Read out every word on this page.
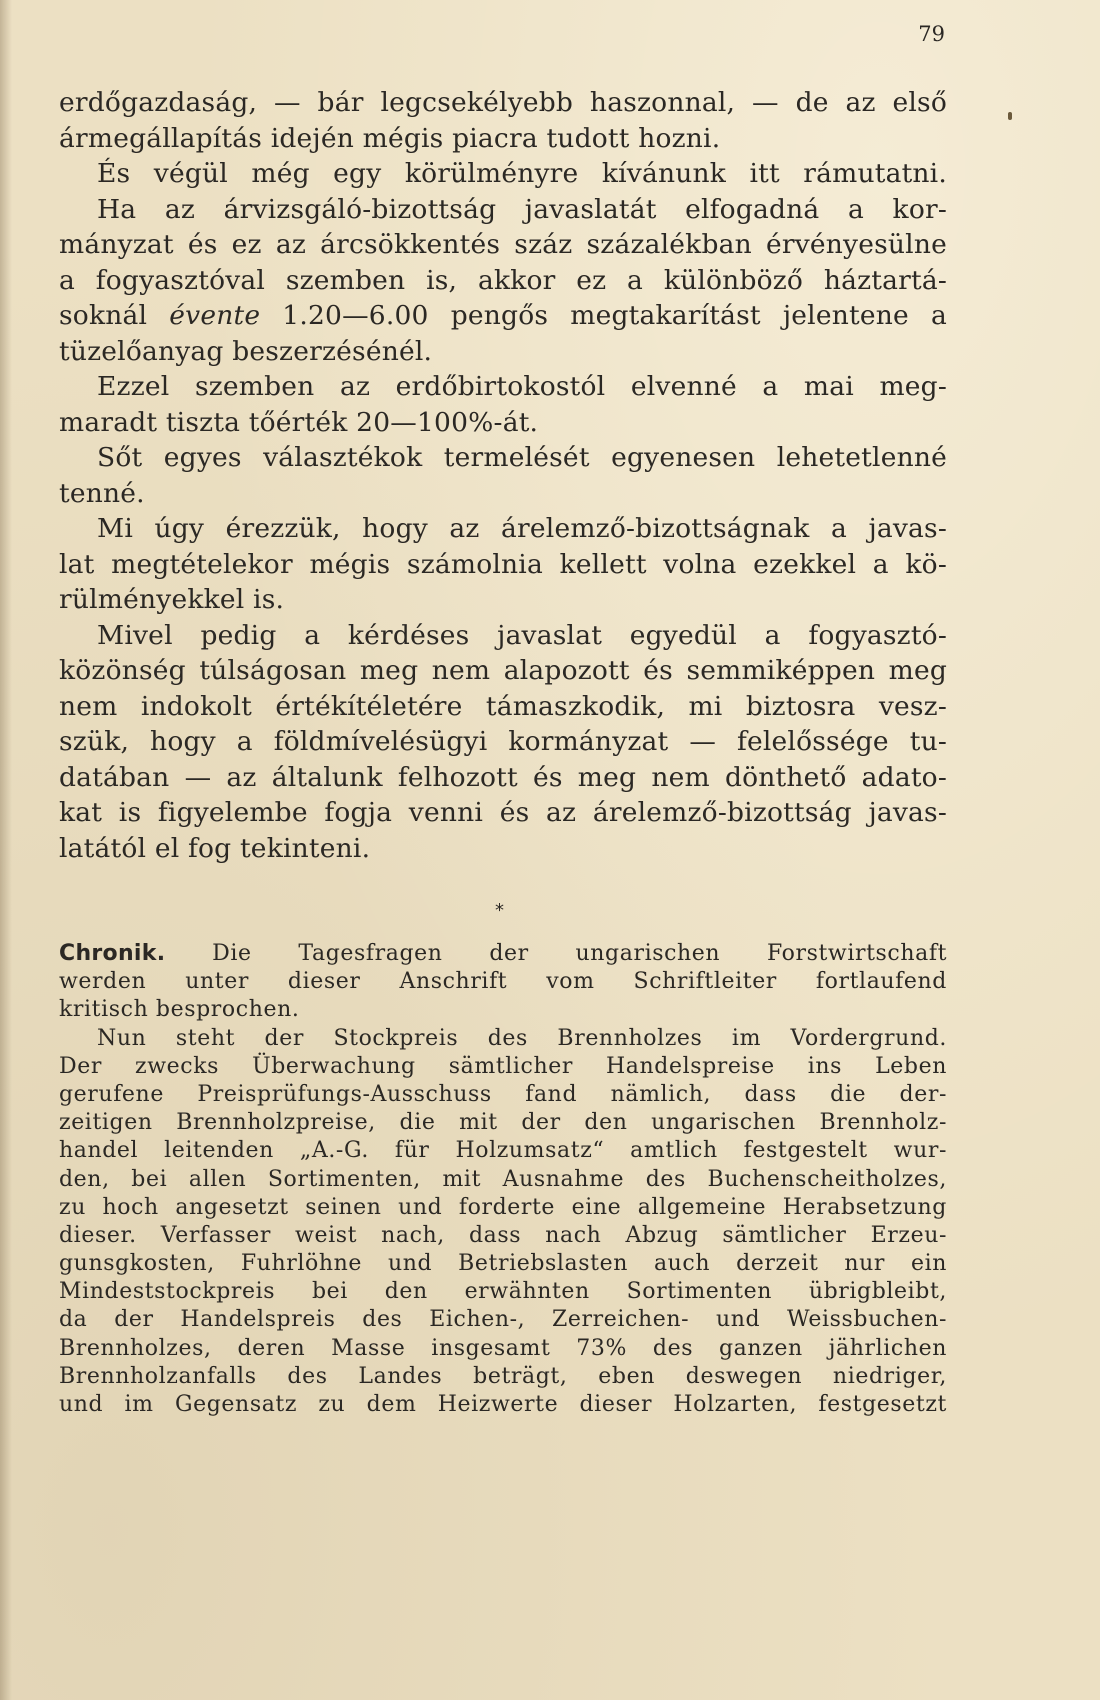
79
erdőgazdaság, — bár legcsekélyebb haszonnal, — de az első
ármegállapítás idején mégis piacra tudott hozni.
És végül még egy körülményre kívánunk itt rámutatni.
Ha az árvizsgáló-bizottság javaslatát elfogadná a kor-
mányzat és ez az árcsökkentés száz százalékban érvényesülne
a fogyasztóval szemben is, akkor ez a különböző háztartá-
soknál évente 1.20—6.00 pengős megtakarítást jelentene a
tüzelőanyag beszerzésénél.
Ezzel szemben az erdőbirtokostól elvenné a mai meg-
maradt tiszta tőérték 20—100%-át.
Sőt egyes választékok termelését egyenesen lehetetlenné
tenné.
Mi úgy érezzük, hogy az árelemző-bizottságnak a javas-
lat megtételekor mégis számolnia kellett volna ezekkel a kö-
rülményekkel is.
Mivel pedig a kérdéses javaslat egyedül a fogyasztó-
közönség túlságosan meg nem alapozott és semmiképpen meg
nem indokolt értékítéletére támaszkodik, mi biztosra vesz-
szük, hogy a földmívelésügyi kormányzat — felelőssége tu-
datában — az általunk felhozott és meg nem dönthető adato-
kat is figyelembe fogja venni és az árelemző-bizottság javas-
latától el fog tekinteni.
*
Chronik. Die Tagesfragen der ungarischen Forstwirtschaft
werden unter dieser Anschrift vom Schriftleiter fortlaufend
kritisch besprochen.
Nun steht der Stockpreis des Brennholzes im Vordergrund.
Der zwecks Überwachung sämtlicher Handelspreise ins Leben
gerufene Preisprüfungs-Ausschuss fand nämlich, dass die der-
zeitigen Brennholzpreise, die mit der den ungarischen Brennholz-
handel leitenden „A.-G. für Holzumsatz“ amtlich festgestelt wur-
den, bei allen Sortimenten, mit Ausnahme des Buchenscheitholzes,
zu hoch angesetzt seinen und forderte eine allgemeine Herabsetzung
dieser. Verfasser weist nach, dass nach Abzug sämtlicher Erzeu-
gunsgkosten, Fuhrlöhne und Betriebslasten auch derzeit nur ein
Mindeststockpreis bei den erwähnten Sortimenten übrigbleibt,
da der Handelspreis des Eichen-, Zerreichen- und Weissbuchen-
Brennholzes, deren Masse insgesamt 73% des ganzen jährlichen
Brennholzanfalls des Landes beträgt, eben deswegen niedriger,
und im Gegensatz zu dem Heizwerte dieser Holzarten, festgesetzt
